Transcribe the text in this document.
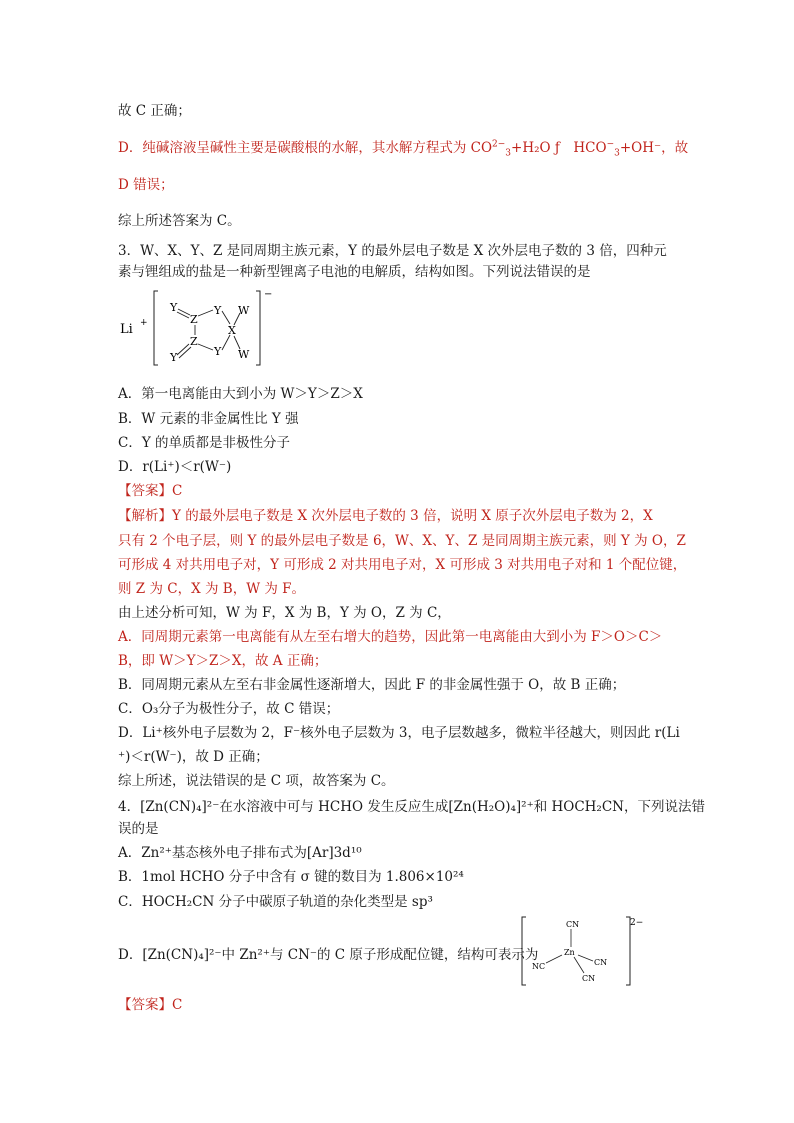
故 C 正确；
D．纯碱溶液呈碱性主要是碳酸根的水解，其水解方程式为 $CO^{2-}_3+H_2O$ ƒ　$HCO^-_3+OH^-$，故
D 错误；
综上所述答案为 C。
3．W、X、Y、Z 是同周期主族元素，Y 的最外层电子数是 X 次外层电子数的 3 倍，四种元
素与锂组成的盐是一种新型锂离子电池的电解质，结构如图。下列说法错误的是
Li +
−
Y
Z
Y W
X
Z
Y W
Y
A．第一电离能由大到小为 W＞Y＞Z＞X
B．W 元素的非金属性比 Y 强
C．Y 的单质都是非极性分子
D．r(Li⁺)＜r(W⁻)
【答案】C
【解析】Y 的最外层电子数是 X 次外层电子数的 3 倍，说明 X 原子次外层电子数为 2，X
只有 2 个电子层，则 Y 的最外层电子数是 6，W、X、Y、Z 是同周期主族元素，则 Y 为 O，Z
可形成 4 对共用电子对，Y 可形成 2 对共用电子对，X 可形成 3 对共用电子对和 1 个配位键，
则 Z 为 C，X 为 B，W 为 F。
由上述分析可知，W 为 F，X 为 B，Y 为 O，Z 为 C，
A．同周期元素第一电离能有从左至右增大的趋势，因此第一电离能由大到小为 F＞O＞C＞
B，即 W＞Y＞Z＞X，故 A 正确；
B．同周期元素从左至右非金属性逐渐增大，因此 F 的非金属性强于 O，故 B 正确；
C．O₃分子为极性分子，故 C 错误；
D．Li⁺核外电子层数为 2，F⁻核外电子层数为 3，电子层数越多，微粒半径越大，则因此 r(Li
⁺)＜r(W⁻)，故 D 正确；
综上所述，说法错误的是 C 项，故答案为 C。
4．[Zn(CN)₄]²⁻在水溶液中可与 HCHO 发生反应生成[Zn(H₂O)₄]²⁺和 HOCH₂CN，下列说法错
误的是
A．Zn²⁺基态核外电子排布式为[Ar]3d¹⁰
B．1mol HCHO 分子中含有 σ 键的数目为 1.806×10²⁴
C．HOCH₂CN 分子中碳原子轨道的杂化类型是 sp³
D．[Zn(CN)₄]²⁻中 Zn²⁺与 CN⁻的 C 原子形成配位键，结构可表示为
2−
Zn
CN
NC	CN
CN
【答案】C
